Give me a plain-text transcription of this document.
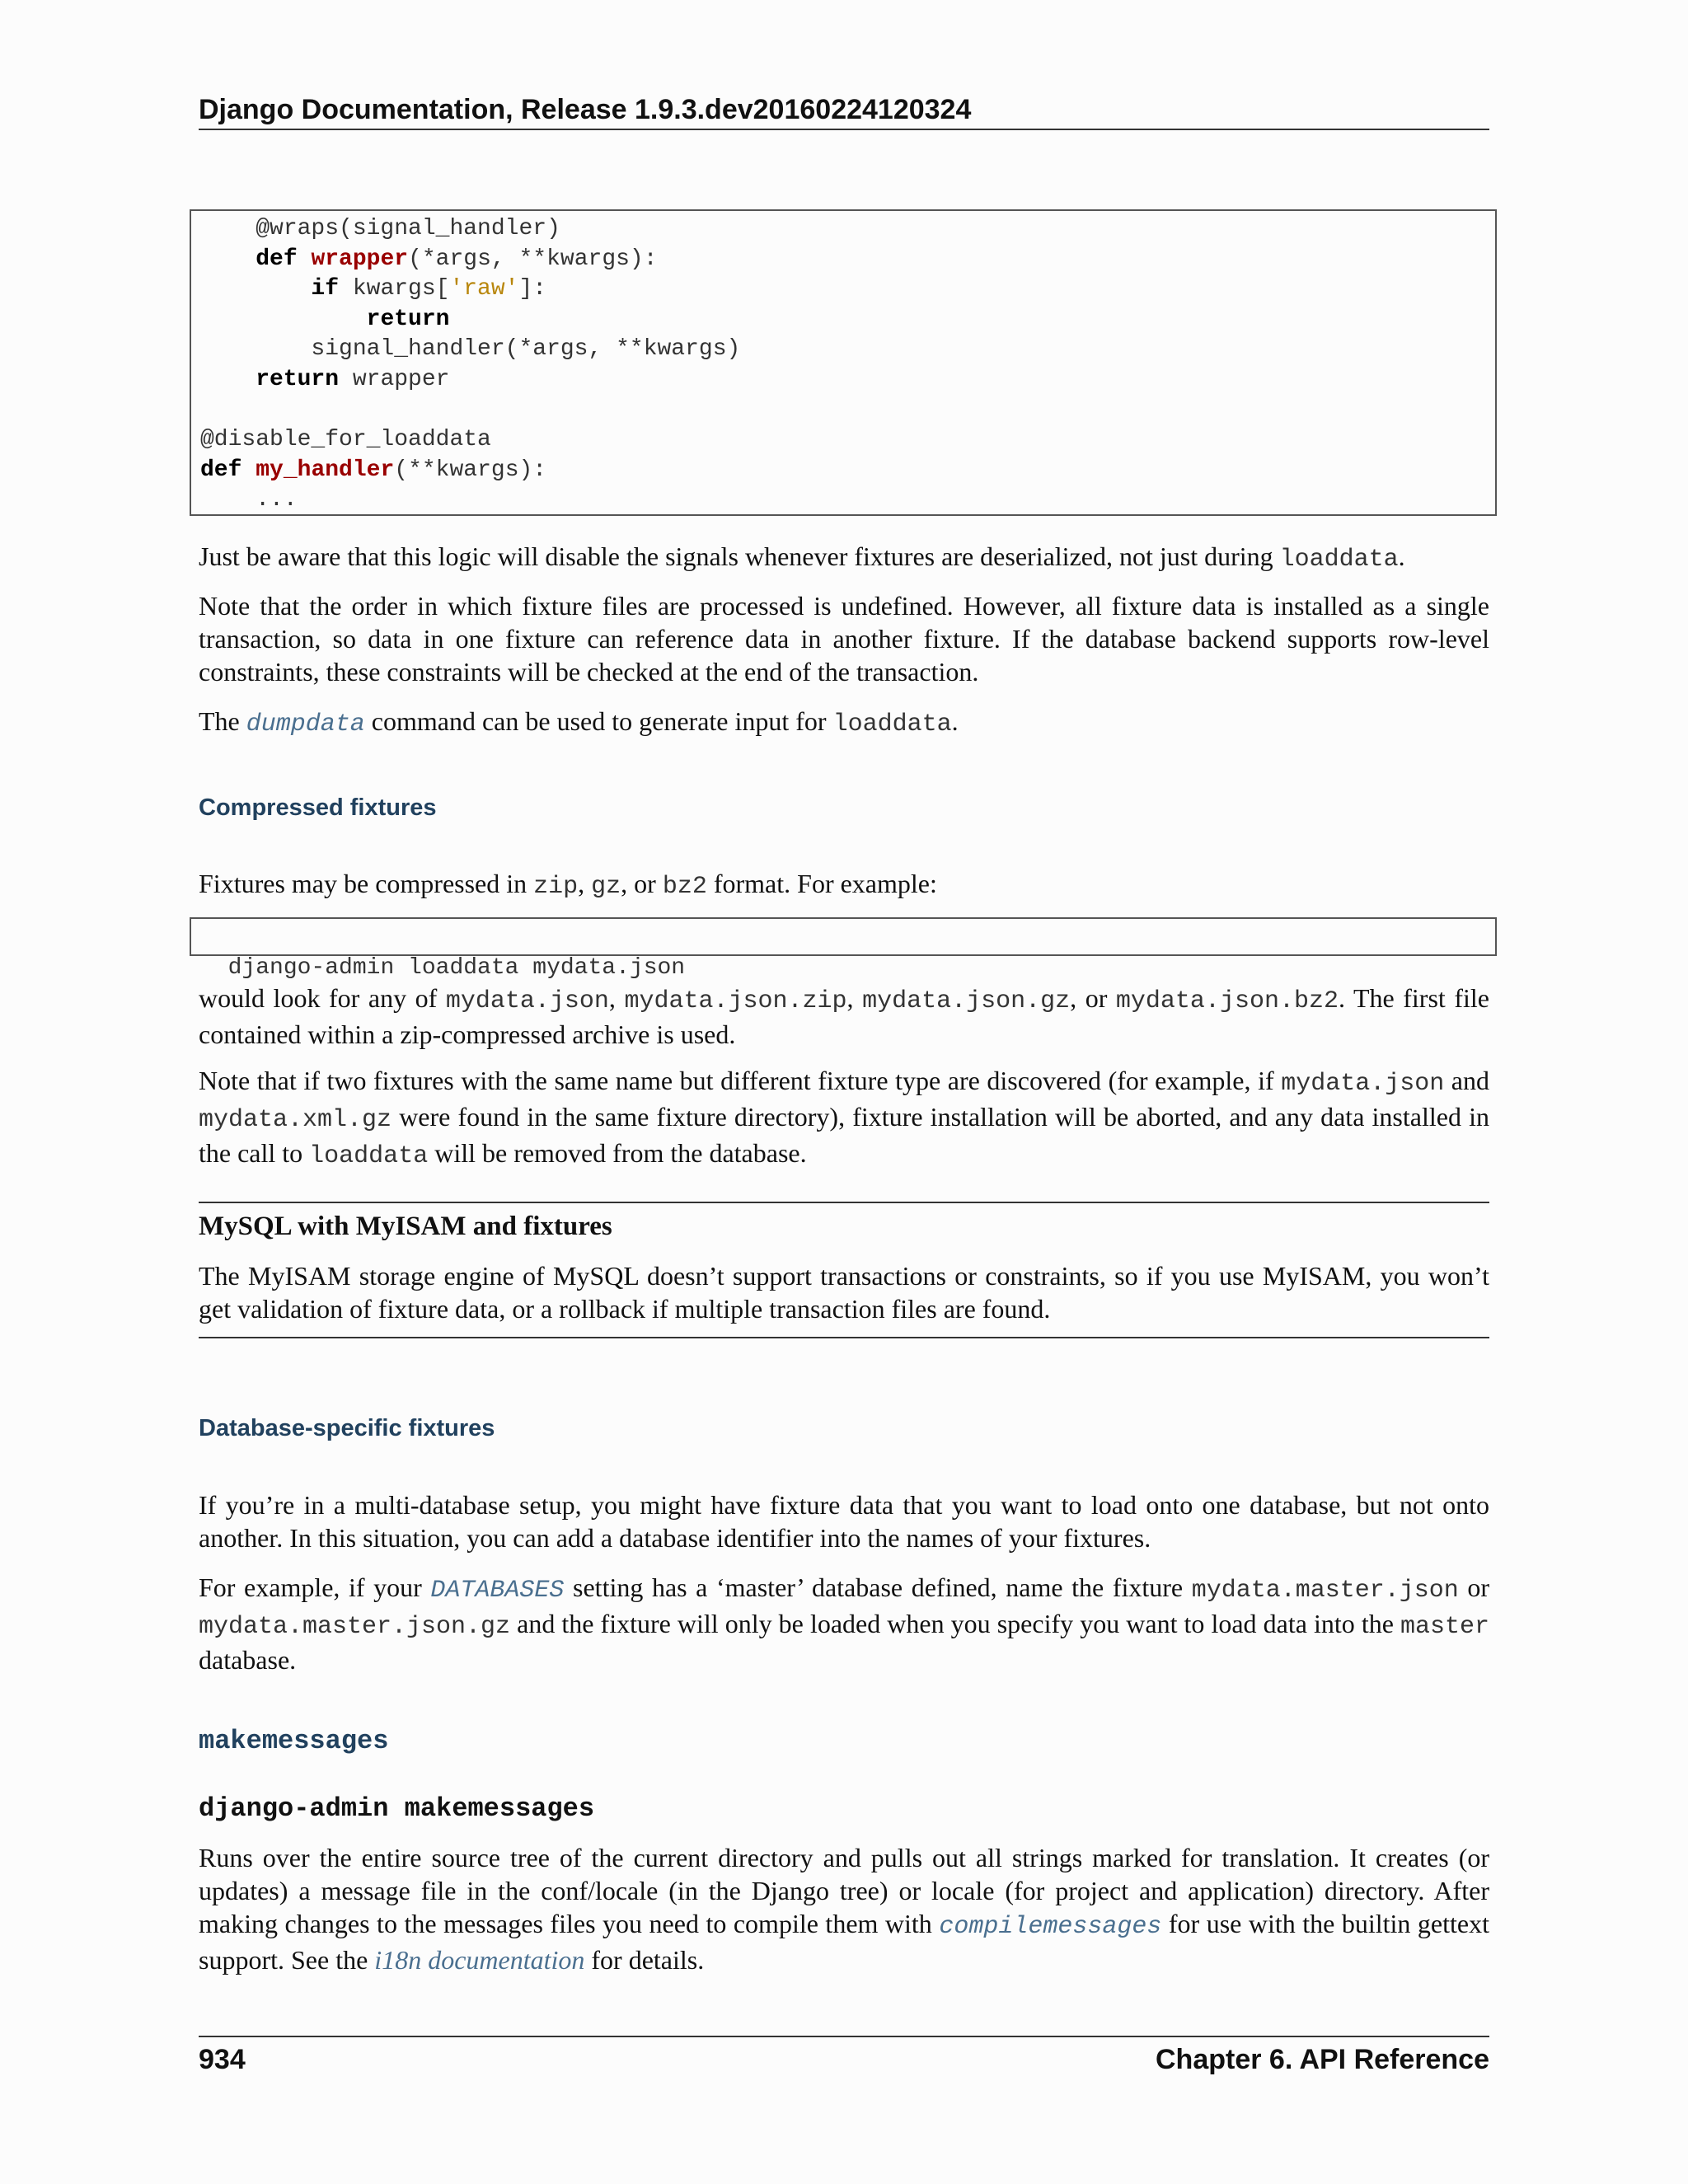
Django Documentation, Release 1.9.3.dev20160224120324
@wraps(signal_handler)
def wrapper(*args, **kwargs):
if kwargs['raw']:
return
signal_handler(*args, **kwargs)
return wrapper

@disable_for_loaddata
def my_handler(**kwargs):
...
Just be aware that this logic will disable the signals whenever fixtures are deserialized, not just during loaddata.
Note that the order in which fixture files are processed is undefined. However, all fixture data is installed as a single transaction, so data in one fixture can reference data in another fixture. If the database backend supports row-level constraints, these constraints will be checked at the end of the transaction.
The dumpdata command can be used to generate input for loaddata.
Compressed fixtures
Fixtures may be compressed in zip, gz, or bz2 format. For example:

django-admin loaddata mydata.json

would look for any of mydata.json, mydata.json.zip, mydata.json.gz, or mydata.json.bz2. The first file contained within a zip-compressed archive is used.
Note that if two fixtures with the same name but different fixture type are discovered (for example, if mydata.json and mydata.xml.gz were found in the same fixture directory), fixture installation will be aborted, and any data installed in the call to loaddata will be removed from the database.
MySQL with MyISAM and fixtures
The MyISAM storage engine of MySQL doesn’t support transactions or constraints, so if you use MyISAM, you won’t get validation of fixture data, or a rollback if multiple transaction files are found.
Database-specific fixtures
If you’re in a multi-database setup, you might have fixture data that you want to load onto one database, but not onto another. In this situation, you can add a database identifier into the names of your fixtures.
For example, if your DATABASES setting has a ‘master’ database defined, name the fixture mydata.master.json or mydata.master.json.gz and the fixture will only be loaded when you specify you want to load data into the master database.
makemessages
django-admin makemessages
Runs over the entire source tree of the current directory and pulls out all strings marked for translation. It creates (or updates) a message file in the conf/locale (in the Django tree) or locale (for project and application) directory. After making changes to the messages files you need to compile them with compilemessages for use with the builtin gettext support. See the i18n documentation for details.
934	Chapter 6. API Reference
